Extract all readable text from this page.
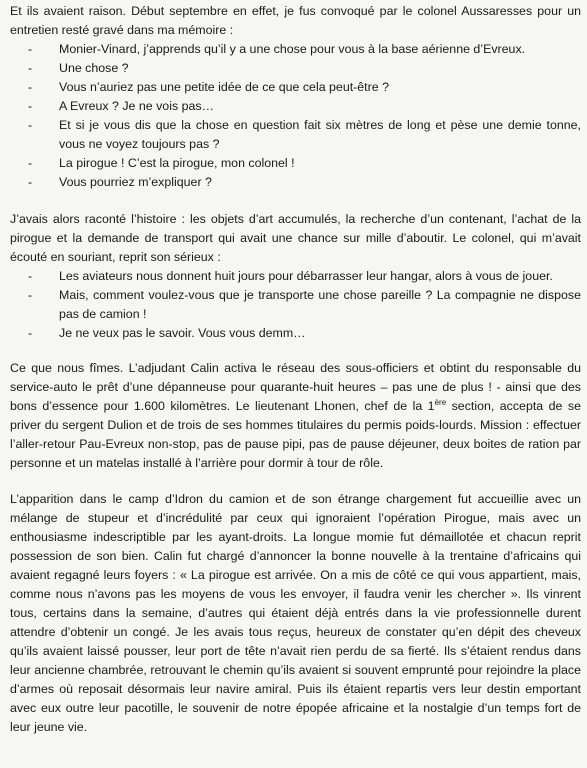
Et ils avaient raison. Début septembre en effet, je fus convoqué par le colonel Aussaresses pour un entretien resté gravé dans ma mémoire :

- Monier-Vinard, j’apprends qu’il y a une chose pour vous à la base aérienne d’Evreux.
- Une chose ?
- Vous n’auriez pas une petite idée de ce que cela peut-être ?
- A Evreux ? Je ne vois pas…
- Et si je vous dis que la chose en question fait six mètres de long et pèse une demie tonne, vous ne voyez toujours pas ?
- La pirogue ! C’est la pirogue, mon colonel !
- Vous pourriez m’expliquer ?

J’avais alors raconté l’histoire : les objets d’art accumulés, la recherche d’un contenant, l’achat de la pirogue et la demande de transport qui avait une chance sur mille d’aboutir. Le colonel, qui m’avait écouté en souriant, reprit son sérieux :

- Les aviateurs nous donnent huit jours pour débarrasser leur hangar, alors à vous de jouer.
- Mais, comment voulez-vous que je transporte une chose pareille ? La compagnie ne dispose pas de camion !
- Je ne veux pas le savoir. Vous vous demm…

Ce que nous fîmes. L’adjudant Calin activa le réseau des sous-officiers et obtint du responsable du service-auto le prêt d’une dépanneuse pour quarante-huit heures – pas une de plus ! - ainsi que des bons d’essence pour 1.600 kilomètres. Le lieutenant Lhonen, chef de la 1ère section, accepta de se priver du sergent Dulion et de trois de ses hommes titulaires du permis poids-lourds. Mission : effectuer l’aller-retour Pau-Evreux non-stop, pas de pause pipi, pas de pause déjeuner, deux boites de ration par personne et un matelas installé à l’arrière pour dormir à tour de rôle.

L’apparition dans le camp d’Idron du camion et de son étrange chargement fut accueillie avec un mélange de stupeur et d’incrédulité par ceux qui ignoraient l’opération Pirogue, mais avec un enthousiasme indescriptible par les ayant-droits. La longue momie fut démaillotée et chacun reprit possession de son bien. Calin fut chargé d’annoncer la bonne nouvelle à la trentaine d’africains qui avaient regagné leurs foyers : « La pirogue est arrivée. On a mis de côté ce qui vous appartient, mais, comme nous n’avons pas les moyens de vous les envoyer, il faudra venir les chercher ». Ils vinrent tous, certains dans la semaine, d’autres qui étaient déjà entrés dans la vie professionnelle durent attendre d’obtenir un congé. Je les avais tous reçus, heureux de constater qu’en dépit des cheveux qu’ils avaient laissé pousser, leur port de tête n’avait rien perdu de sa fierté. Ils s’étaient rendus dans leur ancienne chambrée, retrouvant le chemin qu’ils avaient si souvent emprunté pour rejoindre la place d’armes où reposait désormais leur navire amiral. Puis ils étaient repartis vers leur destin emportant avec eux outre leur pacotille, le souvenir de notre épopée africaine et la nostalgie d’un temps fort de leur jeune vie.
